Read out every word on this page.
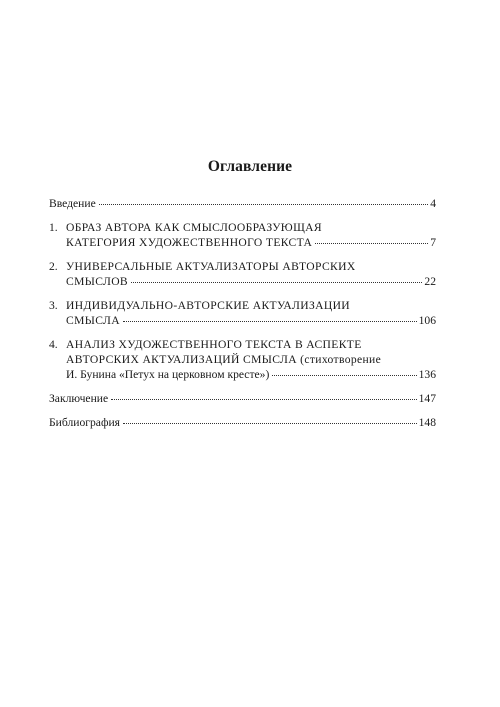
Оглавление
Введение	4
1. ОБРАЗ АВТОРА КАК СМЫСЛООБРАЗУЮЩАЯ
КАТЕГОРИЯ ХУДОЖЕСТВЕННОГО ТЕКСТА	7
2. УНИВЕРСАЛЬНЫЕ АКТУАЛИЗАТОРЫ АВТОРСКИХ
СМЫСЛОВ	22
3. ИНДИВИДУАЛЬНО-АВТОРСКИЕ АКТУАЛИЗАЦИИ
СМЫСЛА	106
4. АНАЛИЗ ХУДОЖЕСТВЕННОГО ТЕКСТА В АСПЕКТЕ
АВТОРСКИХ АКТУАЛИЗАЦИЙ СМЫСЛА (стихотворение
И. Бунина «Петух на церковном кресте»)	136
Заключение	147
Библиография	148
